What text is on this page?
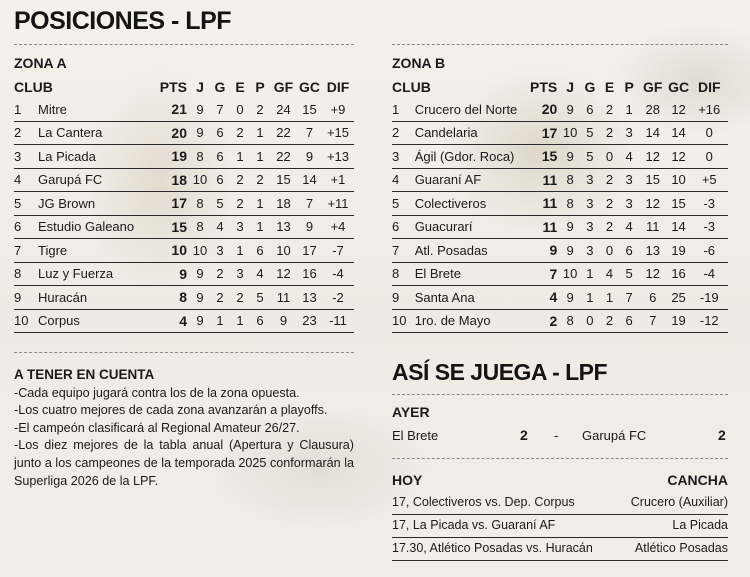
POSICIONES - LPF
ZONA A
CLUB		PTS	J	G	E	P	GF	GC	DIF
1	Mitre	21	9	7	0	2	24	15	+9
2	La Cantera	20	9	6	2	1	22	7	+15
3	La Picada	19	8	6	1	1	22	9	+13
4	Garupá FC	18	10	6	2	2	15	14	+1
5	JG Brown	17	8	5	2	1	18	7	+11
6	Estudio Galeano	15	8	4	3	1	13	9	+4
7	Tigre	10	10	3	1	6	10	17	-7
8	Luz y Fuerza	9	9	2	3	4	12	16	-4
9	Huracán	8	9	2	2	5	11	13	-2
10	Corpus	4	9	1	1	6	9	23	-11
ZONA B
CLUB		PTS	J	G	E	P	GF	GC	DIF
1	Crucero del Norte	20	9	6	2	1	28	12	+16
2	Candelaria	17	10	5	2	3	14	14	0
3	Ágil (Gdor. Roca)	15	9	5	0	4	12	12	0
4	Guaraní AF	11	8	3	2	3	15	10	+5
5	Colectiveros	11	8	3	2	3	12	15	-3
6	Guacurarí	11	9	3	2	4	11	14	-3
7	Atl. Posadas	9	9	3	0	6	13	19	-6
8	El Brete	7	10	1	4	5	12	16	-4
9	Santa Ana	4	9	1	1	7	6	25	-19
10	1ro. de Mayo	2	8	0	2	6	7	19	-12
A TENER EN CUENTA

-Cada equipo jugará contra los de la zona opuesta.

-Los cuatro mejores de cada zona avanzarán a playoffs.

-El campeón clasificará al Regional Amateur 26/27.

-Los diez mejores de la tabla anual (Apertura y Clausura) junto a los campeones de la temporada 2025 conformarán la Superliga 2026 de la LPF.

ASÍ SE JUEGA - LPF
AYER
El Brete	2 - Garupá FC	2
HOY	CANCHA
17, Colectiveros vs. Dep. Corpus	Crucero (Auxiliar)
17, La Picada vs. Guaraní AF	La Picada
17.30, Atlético Posadas vs. Huracán	Atlético Posadas
